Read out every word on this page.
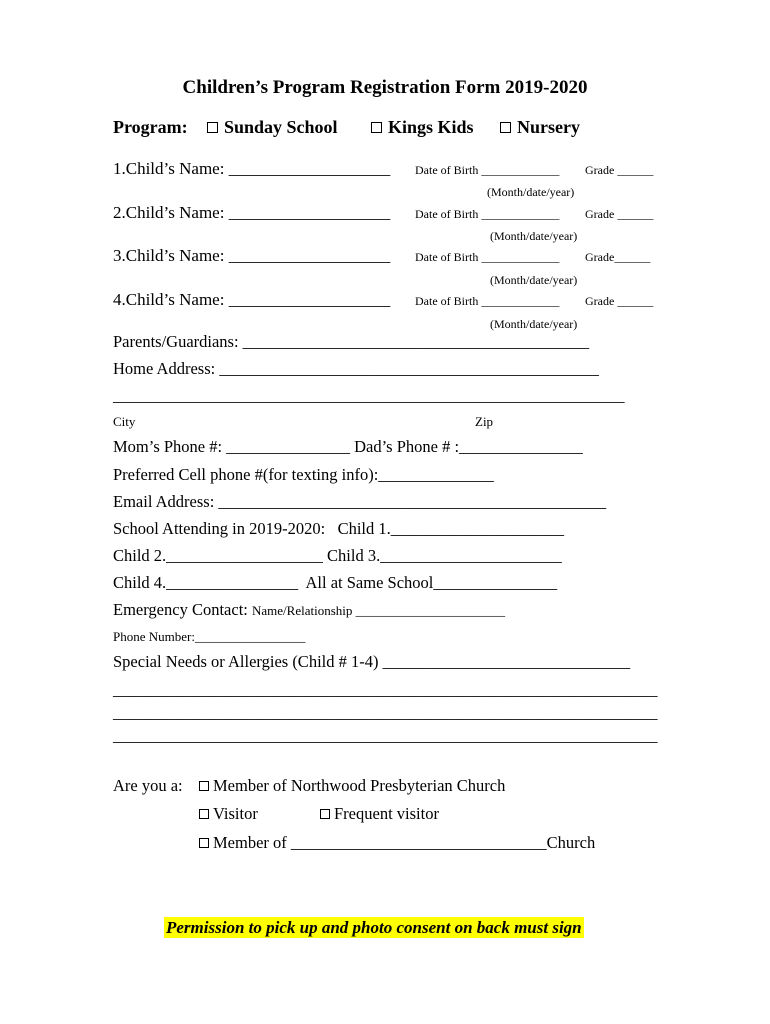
Children’s Program Registration Form 2019-2020
Program:	Sunday School	Kings Kids	Nursery
1.Child’s Name: ___________________ Date of Birth _____________ Grade ______
(Month/date/year)
2.Child’s Name: ___________________ Date of Birth _____________ Grade ______
(Month/date/year)
3.Child’s Name: ___________________ Date of Birth _____________ Grade______
(Month/date/year)
4.Child’s Name: ___________________ Date of Birth _____________ Grade ______
(Month/date/year)
Parents/Guardians: __________________________________________
Home Address: ______________________________________________
______________________________________________________________
City	Zip
Mom’s Phone #: _______________ Dad’s Phone # :_______________
Preferred Cell phone #(for texting info):______________
Email Address: _______________________________________________
School Attending in 2019-2020:   Child 1._____________________
Child 2.___________________ Child 3.______________________
Child 4.________________  All at Same School_______________
Emergency Contact: Name/Relationship _______________________
Phone Number:_________________
Special Needs or Allergies (Child # 1-4) ______________________________
__________________________________________________________________
__________________________________________________________________
__________________________________________________________________
Are you a:	Member of Northwood Presbyterian Church
Visitor	Frequent visitor
Member of _______________________________Church
Permission to pick up and photo consent on back must sign
